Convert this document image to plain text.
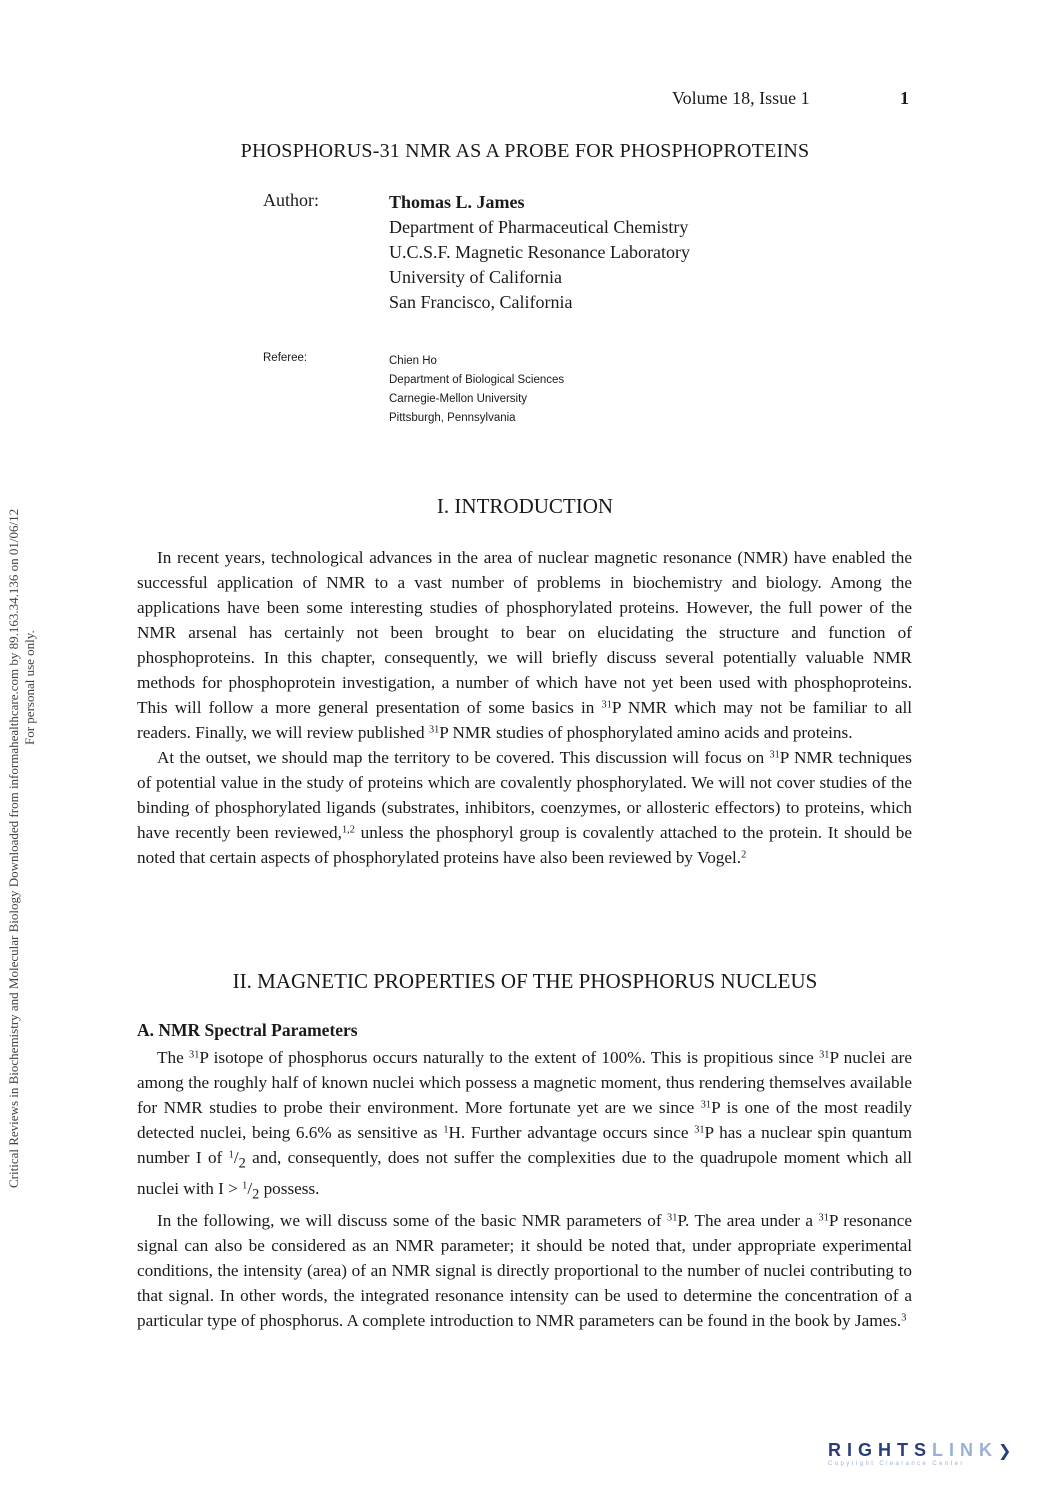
Volume 18, Issue 1	1
PHOSPHORUS-31 NMR AS A PROBE FOR PHOSPHOPROTEINS
Author:	Thomas L. James
Department of Pharmaceutical Chemistry
U.C.S.F. Magnetic Resonance Laboratory
University of California
San Francisco, California
Referee:	Chien Ho
Department of Biological Sciences
Carnegie-Mellon University
Pittsburgh, Pennsylvania
I. INTRODUCTION

In recent years, technological advances in the area of nuclear magnetic resonance (NMR) have enabled the successful application of NMR to a vast number of problems in biochemistry and biology. Among the applications have been some interesting studies of phosphorylated proteins. However, the full power of the NMR arsenal has certainly not been brought to bear on elucidating the structure and function of phosphoproteins. In this chapter, consequently, we will briefly discuss several potentially valuable NMR methods for phosphoprotein investigation, a number of which have not yet been used with phosphoproteins. This will follow a more general presentation of some basics in $^{31}$P NMR which may not be familiar to all readers. Finally, we will review published $^{31}$P NMR studies of phosphorylated amino acids and proteins.

At the outset, we should map the territory to be covered. This discussion will focus on $^{31}$P NMR techniques of potential value in the study of proteins which are covalently phosphorylated. We will not cover studies of the binding of phosphorylated ligands (substrates, inhibitors, coenzymes, or allosteric effectors) to proteins, which have recently been reviewed,$^{1,2}$ unless the phosphoryl group is covalently attached to the protein. It should be noted that certain aspects of phosphorylated proteins have also been reviewed by Vogel.$^2$

II. MAGNETIC PROPERTIES OF THE PHOSPHORUS NUCLEUS
A. NMR Spectral Parameters

The $^{31}$P isotope of phosphorus occurs naturally to the extent of 100%. This is propitious since $^{31}$P nuclei are among the roughly half of known nuclei which possess a magnetic moment, thus rendering themselves available for NMR studies to probe their environment. More fortunate yet are we since $^{31}$P is one of the most readily detected nuclei, being 6.6% as sensitive as $^1$H. Further advantage occurs since $^{31}$P has a nuclear spin quantum number I of $^1/_2$ and, consequently, does not suffer the complexities due to the quadrupole moment which all nuclei with $I > ^1/_2$ possess.

In the following, we will discuss some of the basic NMR parameters of $^{31}$P. The area under a $^{31}$P resonance signal can also be considered as an NMR parameter; it should be noted that, under appropriate experimental conditions, the intensity (area) of an NMR signal is directly proportional to the number of nuclei contributing to that signal. In other words, the integrated resonance intensity can be used to determine the concentration of a particular type of phosphorus. A complete introduction to NMR parameters can be found in the book by James.$^3$

Critical Reviews in Biochemistry and Molecular Biology Downloaded from informahealthcare.com by 89.163.34.136 on 01/06/12 For personal use only.
RIGHTSLINK❯
Copyright Clearance Center
